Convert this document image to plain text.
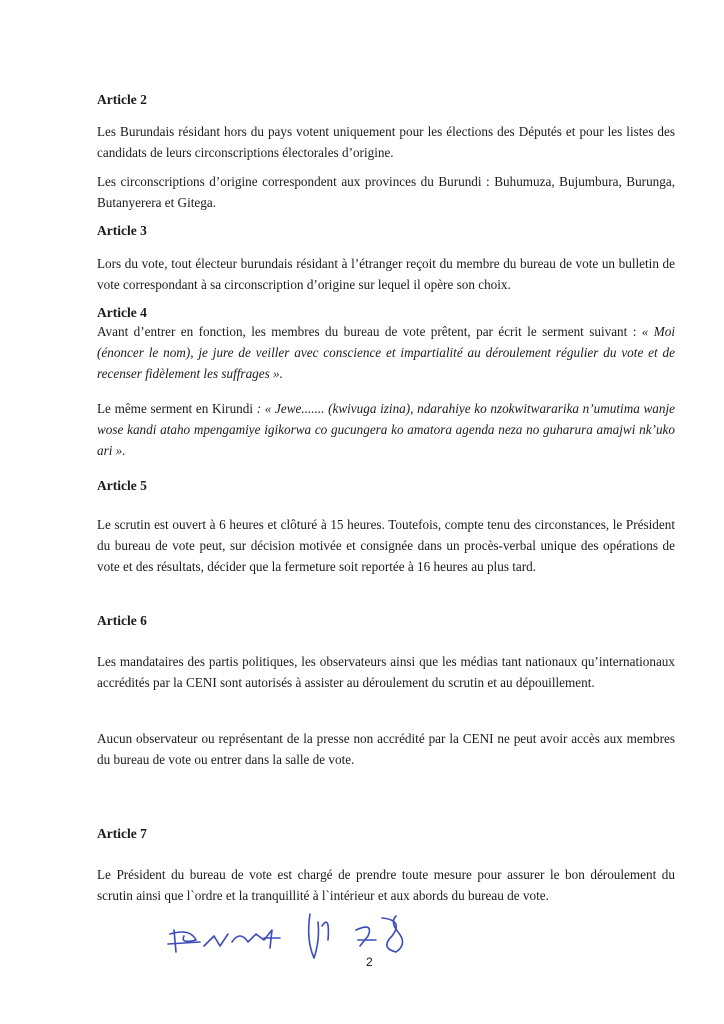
Article 2

Les Burundais résidant hors du pays votent uniquement pour les élections des Députés et pour les listes des candidats de leurs circonscriptions électorales d’origine.

Les circonscriptions d’origine correspondent aux provinces du Burundi : Buhumuza, Bujumbura, Burunga, Butanyerera et Gitega.

Article 3

Lors du vote, tout électeur burundais résidant à l’étranger reçoit du membre du bureau de vote un bulletin de vote correspondant à sa circonscription d’origine sur lequel il opère son choix.

Article 4

Avant d’entrer en fonction, les membres du bureau de vote prêtent, par écrit le serment suivant : « Moi (énoncer le nom), je jure de veiller avec conscience et impartialité au déroulement régulier du vote et de recenser fidèlement les suffrages ».

Le même serment en Kirundi : « Jewe....... (kwivuga izina), ndarahiye ko nzokwitwararika n’umutima wanje wose kandi ataho mpengamiye igikorwa co gucungera ko amatora agenda neza no guharura amajwi nk’uko ari ».

Article 5

Le scrutin est ouvert à 6 heures et clôturé à 15 heures. Toutefois, compte tenu des circonstances, le Président du bureau de vote peut, sur décision motivée et consignée dans un procès-verbal unique des opérations de vote et des résultats, décider que la fermeture soit reportée à 16 heures au plus tard.

Article 6

Les mandataires des partis politiques, les observateurs ainsi que les médias tant nationaux qu’internationaux accrédités par la CENI sont autorisés à assister au déroulement du scrutin et au dépouillement.

Aucun observateur ou représentant de la presse non accrédité par la CENI ne peut avoir accès aux membres du bureau de vote ou entrer dans la salle de vote.

Article 7

Le Président du bureau de vote est chargé de prendre toute mesure pour assurer le bon déroulement du scrutin ainsi que l`ordre et la tranquillité à l`intérieur et aux abords du bureau de vote.

2
